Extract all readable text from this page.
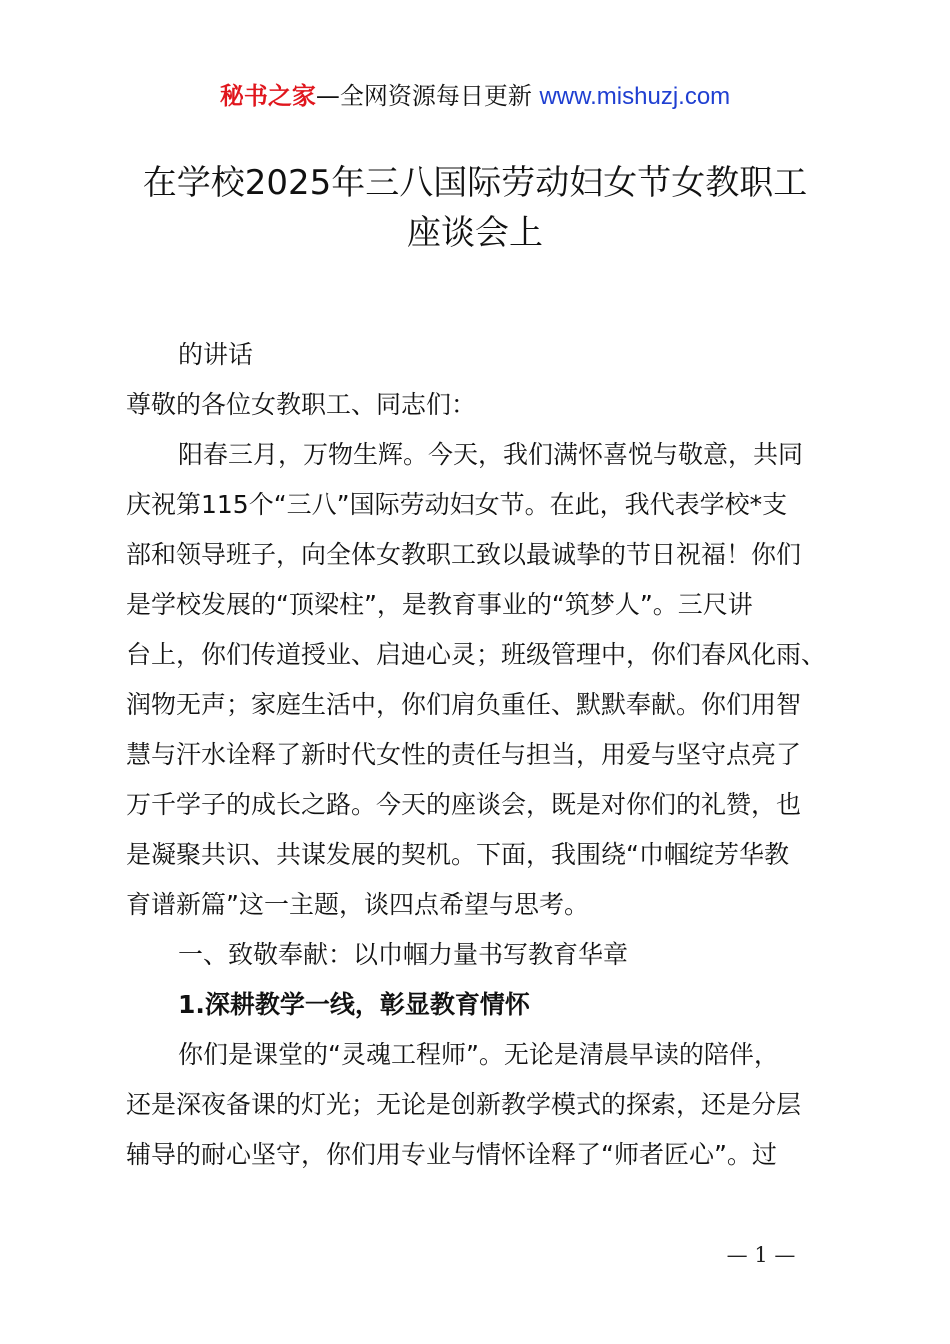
秘书之家—全网资源每日更新 www.mishuzj.com
在学校2025年三八国际劳动妇女节女教职工
座谈会上
的讲话
尊敬的各位女教职工、同志们：
阳春三月，万物生辉。今天，我们满怀喜悦与敬意，共同
庆祝第115个“三八”国际劳动妇女节。在此，我代表学校*支
部和领导班子，向全体女教职工致以最诚挚的节日祝福！你们
是学校发展的“顶梁柱”，是教育事业的“筑梦人”。三尺讲
台上，你们传道授业、启迪心灵；班级管理中，你们春风化雨、
润物无声；家庭生活中，你们肩负重任、默默奉献。你们用智
慧与汗水诠释了新时代女性的责任与担当，用爱与坚守点亮了
万千学子的成长之路。今天的座谈会，既是对你们的礼赞，也
是凝聚共识、共谋发展的契机。下面，我围绕“巾帼绽芳华教
育谱新篇”这一主题，谈四点希望与思考。
一、致敬奉献：以巾帼力量书写教育华章
1.深耕教学一线，彰显教育情怀
你们是课堂的“灵魂工程师”。无论是清晨早读的陪伴，
还是深夜备课的灯光；无论是创新教学模式的探索，还是分层
辅导的耐心坚守，你们用专业与情怀诠释了“师者匠心”。过
— 1 —
